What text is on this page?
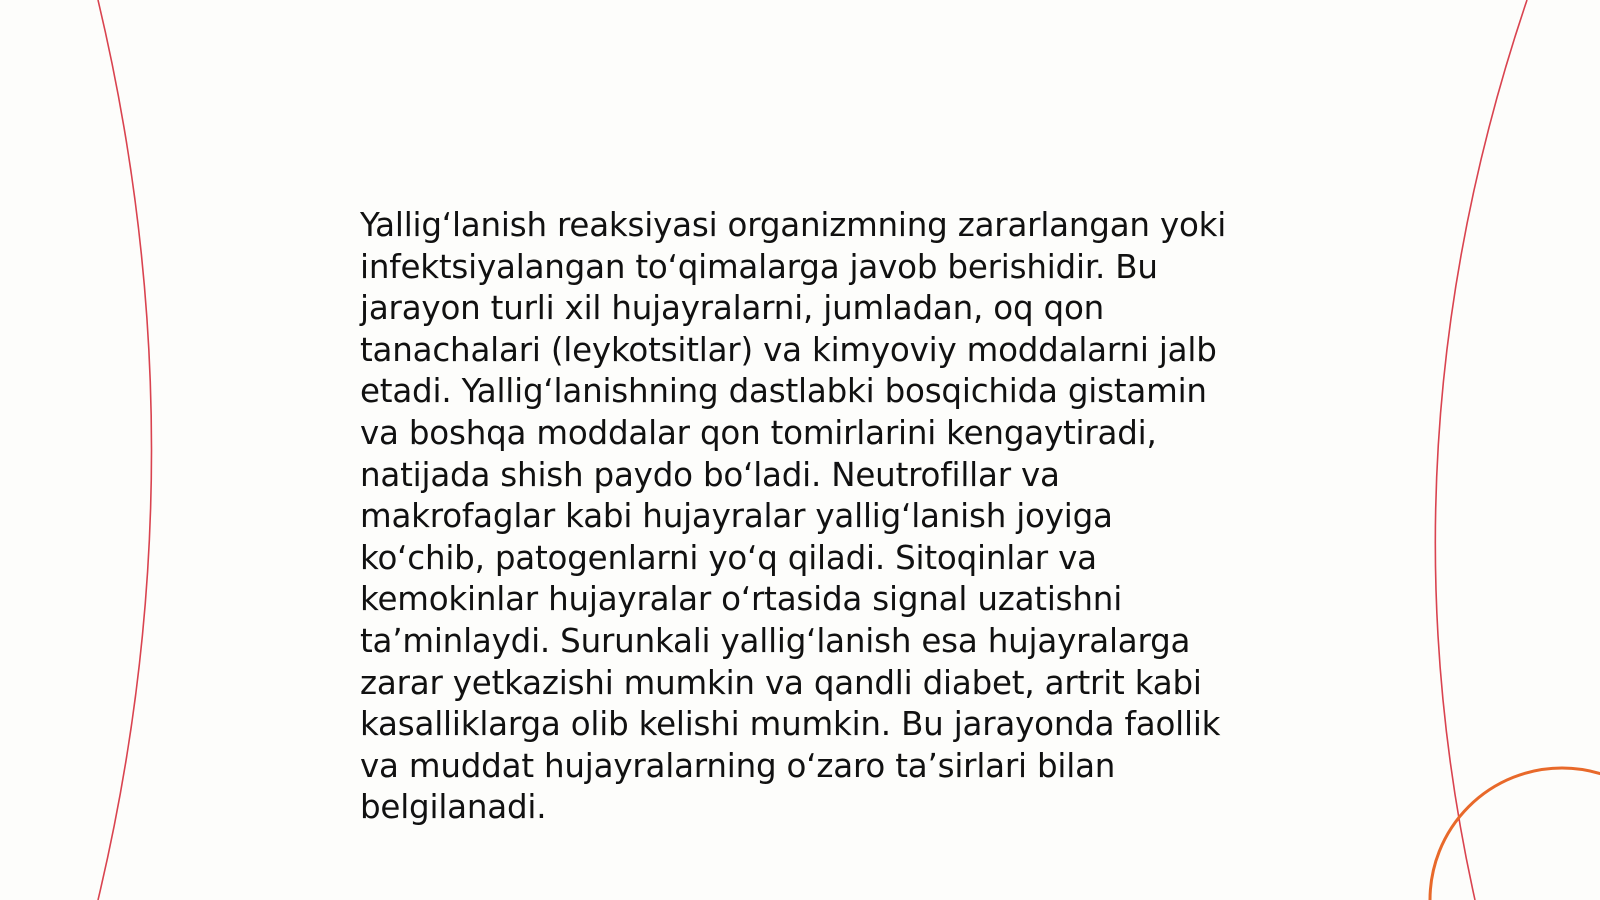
Yallig‘lanish reaksiyasi organizmning zararlangan yoki infektsiyalangan to‘qimalarga javob berishidir. Bu jarayon turli xil hujayralarni, jumladan, oq qon tanachalari (leykotsitlar) va kimyoviy moddalarni jalb etadi. Yallig‘lanishning dastlabki bosqichida gistamin va boshqa moddalar qon tomirlarini kengaytiradi, natijada shish paydo bo‘ladi. Neutrofillar va makrofaglar kabi hujayralar yallig‘lanish joyiga ko‘chib, patogenlarni yo‘q qiladi. Sitoqinlar va kemokinlar hujayralar o‘rtasida signal uzatishni ta’minlaydi. Surunkali yallig‘lanish esa hujayralarga zarar yetkazishi mumkin va qandli diabet, artrit kabi kasalliklarga olib kelishi mumkin. Bu jarayonda faollik va muddat hujayralarning o‘zaro ta’sirlari bilan belgilanadi.
